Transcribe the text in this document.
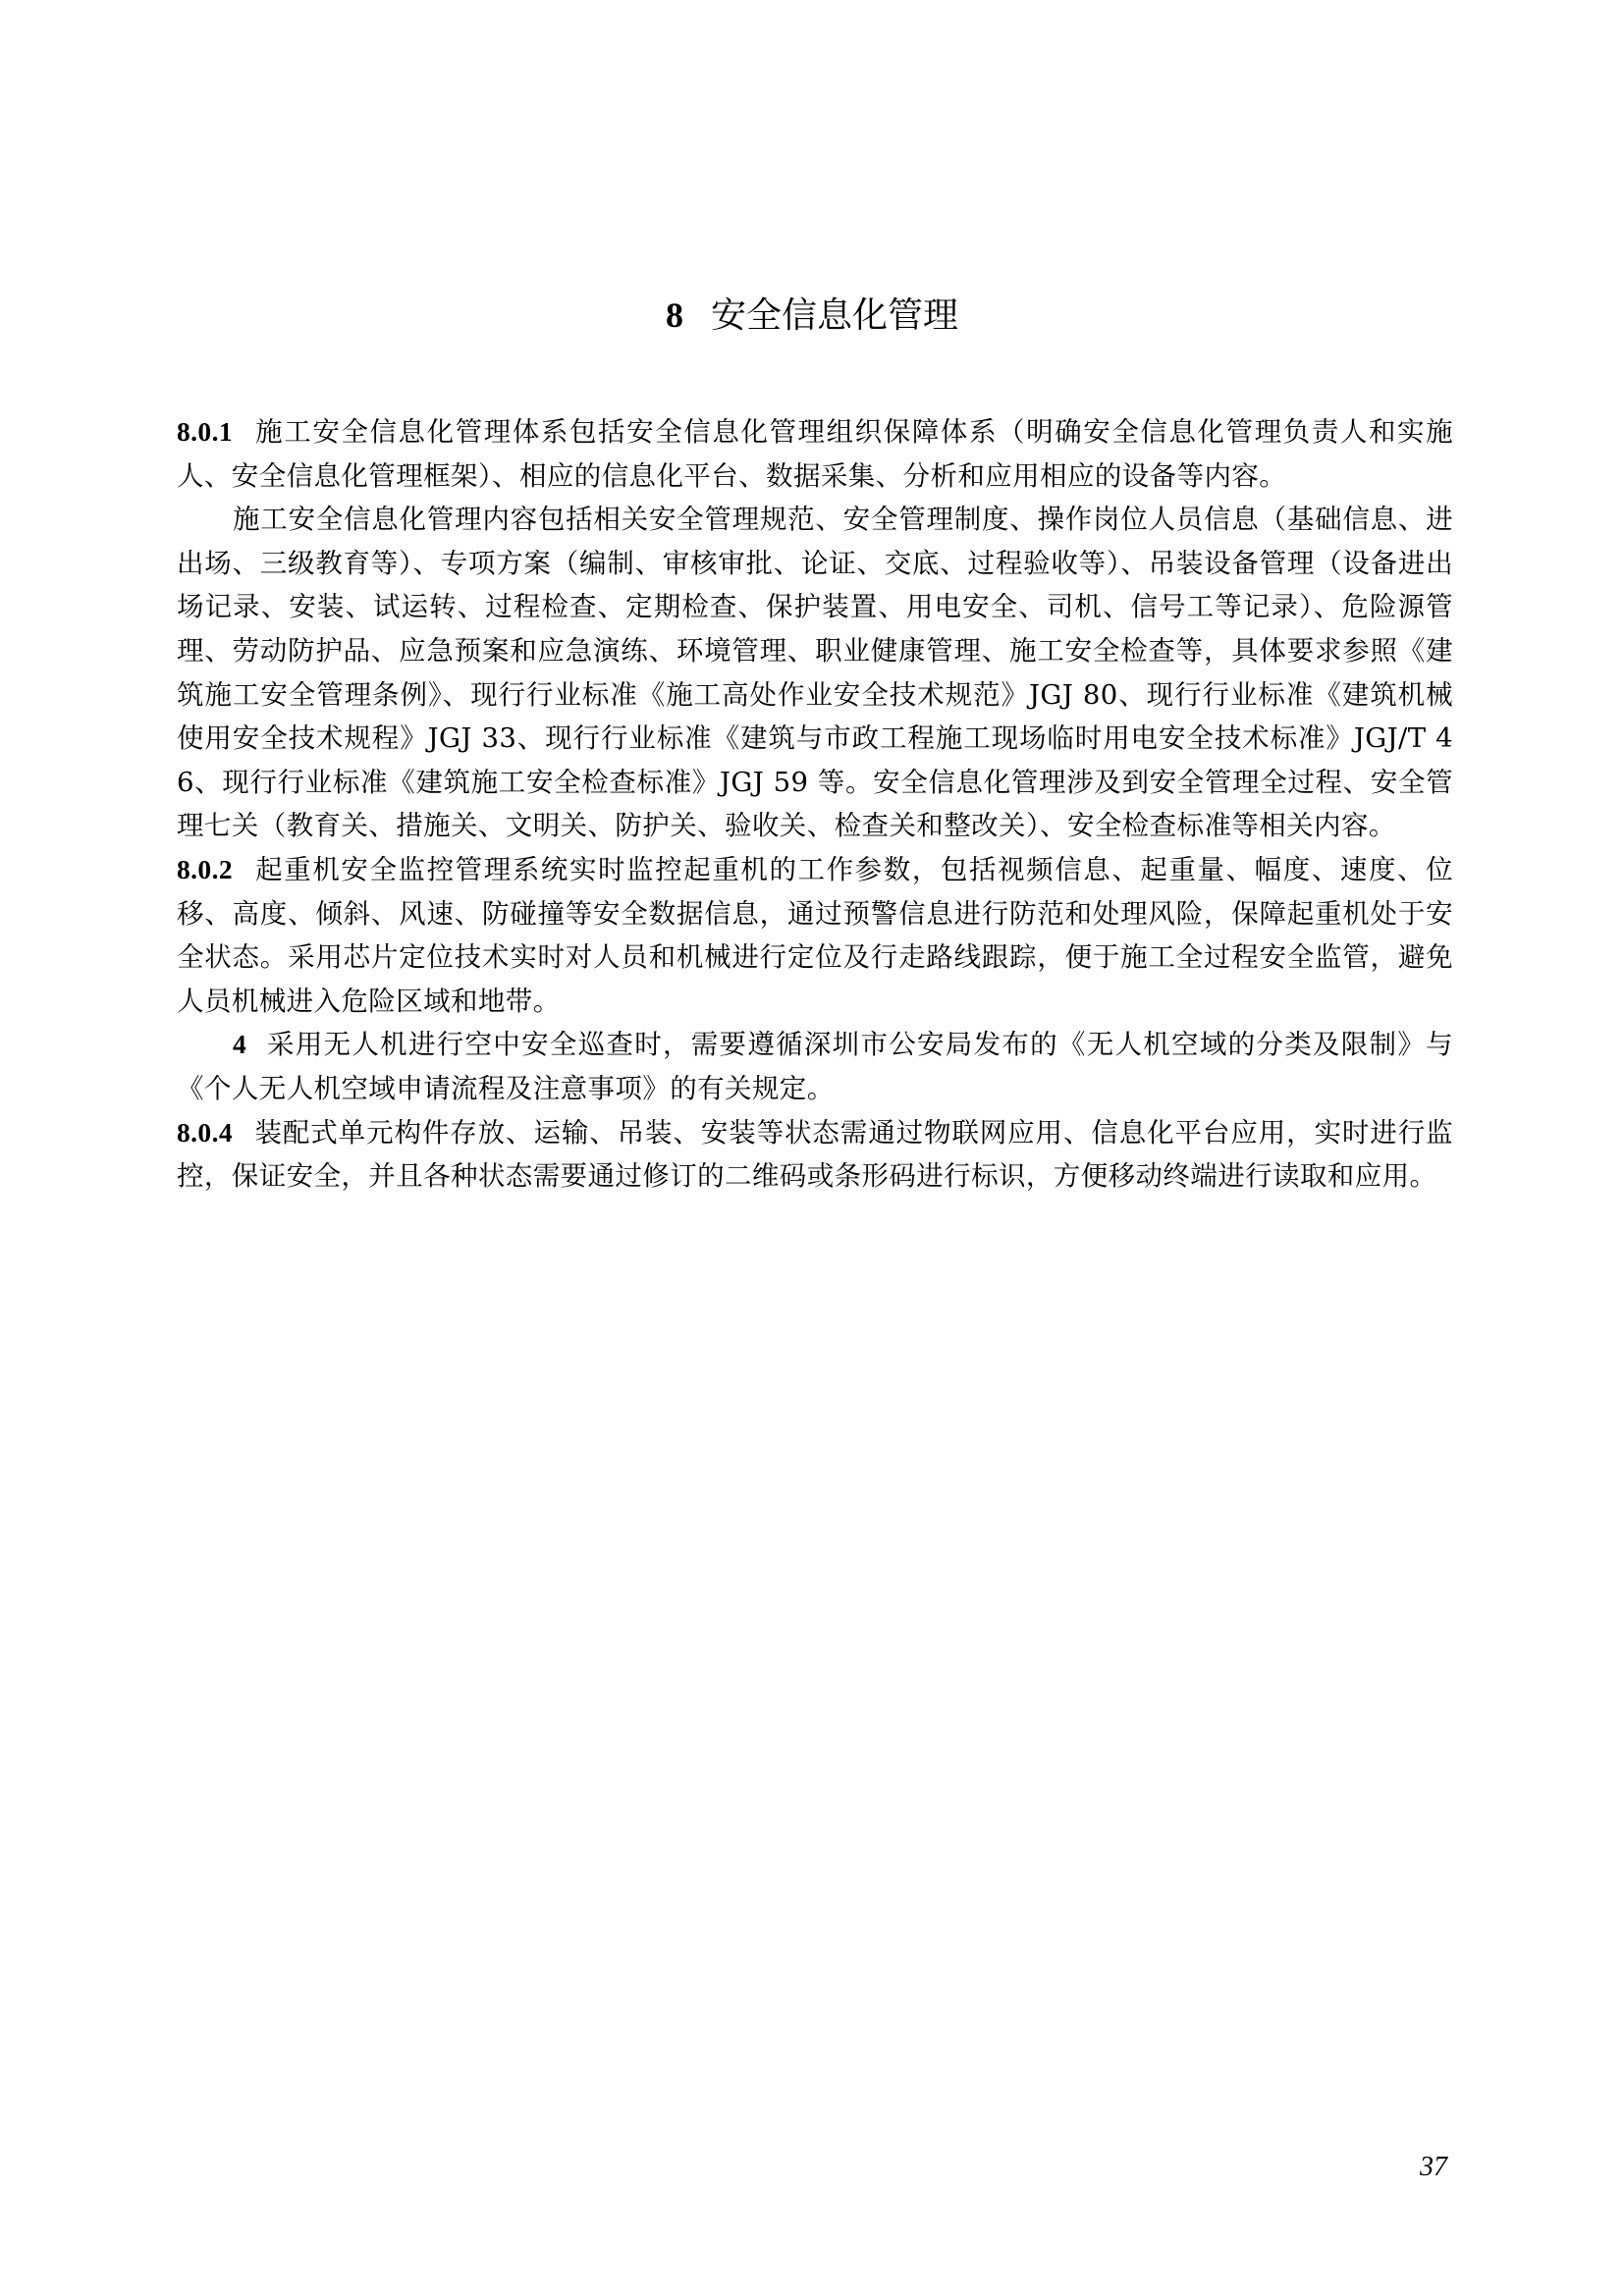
8 安全信息化管理

8.0.1 施工安全信息化管理体系包括安全信息化管理组织保障体系（明确安全信息化管理负责人和实施人、安全信息化管理框架）、相应的信息化平台、数据采集、分析和应用相应的设备等内容。

施工安全信息化管理内容包括相关安全管理规范、安全管理制度、操作岗位人员信息（基础信息、进出场、三级教育等）、专项方案（编制、审核审批、论证、交底、过程验收等）、吊装设备管理（设备进出场记录、安装、试运转、过程检查、定期检查、保护装置、用电安全、司机、信号工等记录）、危险源管理、劳动防护品、应急预案和应急演练、环境管理、职业健康管理、施工安全检查等，具体要求参照《建筑施工安全管理条例》、现行行业标准《施工高处作业安全技术规范》JGJ 80、现行行业标准《建筑机械使用安全技术规程》JGJ 33、现行行业标准《建筑与市政工程施工现场临时用电安全技术标准》JGJ/T 46、现行行业标准《建筑施工安全检查标准》JGJ 59 等。安全信息化管理涉及到安全管理全过程、安全管理七关（教育关、措施关、文明关、防护关、验收关、检查关和整改关）、安全检查标准等相关内容。

8.0.2 起重机安全监控管理系统实时监控起重机的工作参数，包括视频信息、起重量、幅度、速度、位移、高度、倾斜、风速、防碰撞等安全数据信息，通过预警信息进行防范和处理风险，保障起重机处于安全状态。采用芯片定位技术实时对人员和机械进行定位及行走路线跟踪，便于施工全过程安全监管，避免人员机械进入危险区域和地带。

4 采用无人机进行空中安全巡查时，需要遵循深圳市公安局发布的《无人机空域的分类及限制》与《个人无人机空域申请流程及注意事项》的有关规定。

8.0.4 装配式单元构件存放、运输、吊装、安装等状态需通过物联网应用、信息化平台应用，实时进行监控，保证安全，并且各种状态需要通过修订的二维码或条形码进行标识，方便移动终端进行读取和应用。

37
